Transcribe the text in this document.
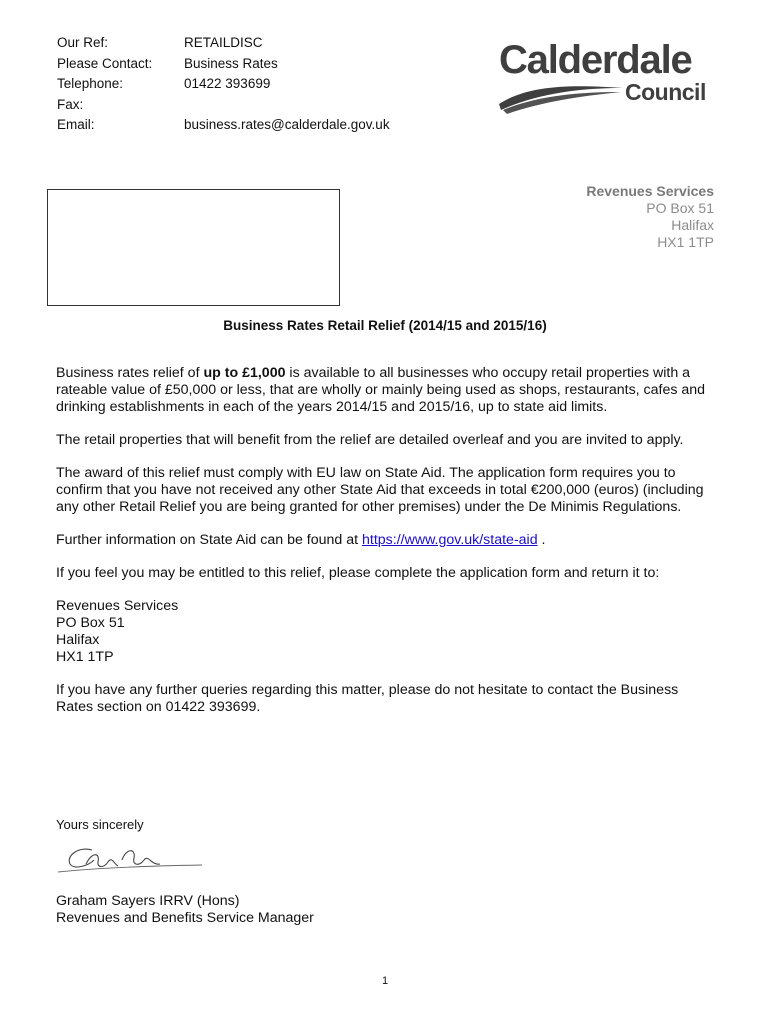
Our Ref:	RETAILDISC
Please Contact:	Business Rates
Telephone:	01422 393699
Fax:
Email:	business.rates@calderdale.gov.uk
Calderdale
Council
Revenues Services
PO Box 51
Halifax
HX1 1TP
Business Rates Retail Relief (2014/15 and 2015/16)

Business rates relief of up to £1,000 is available to all businesses who occupy retail properties with a rateable value of £50,000 or less, that are wholly or mainly being used as shops, restaurants, cafes and drinking establishments in each of the years 2014/15 and 2015/16, up to state aid limits.

The retail properties that will benefit from the relief are detailed overleaf and you are invited to apply.

The award of this relief must comply with EU law on State Aid. The application form requires you to confirm that you have not received any other State Aid that exceeds in total €200,000 (euros) (including any other Retail Relief you are being granted for other premises) under the De Minimis Regulations.

Further information on State Aid can be found at https://www.gov.uk/state-aid .

If you feel you may be entitled to this relief, please complete the application form and return it to:

Revenues Services
PO Box 51
Halifax
HX1 1TP

If you have any further queries regarding this matter, please do not hesitate to contact the Business Rates section on 01422 393699.

Yours sincerely
Graham Sayers IRRV (Hons)
Revenues and Benefits Service Manager
1
